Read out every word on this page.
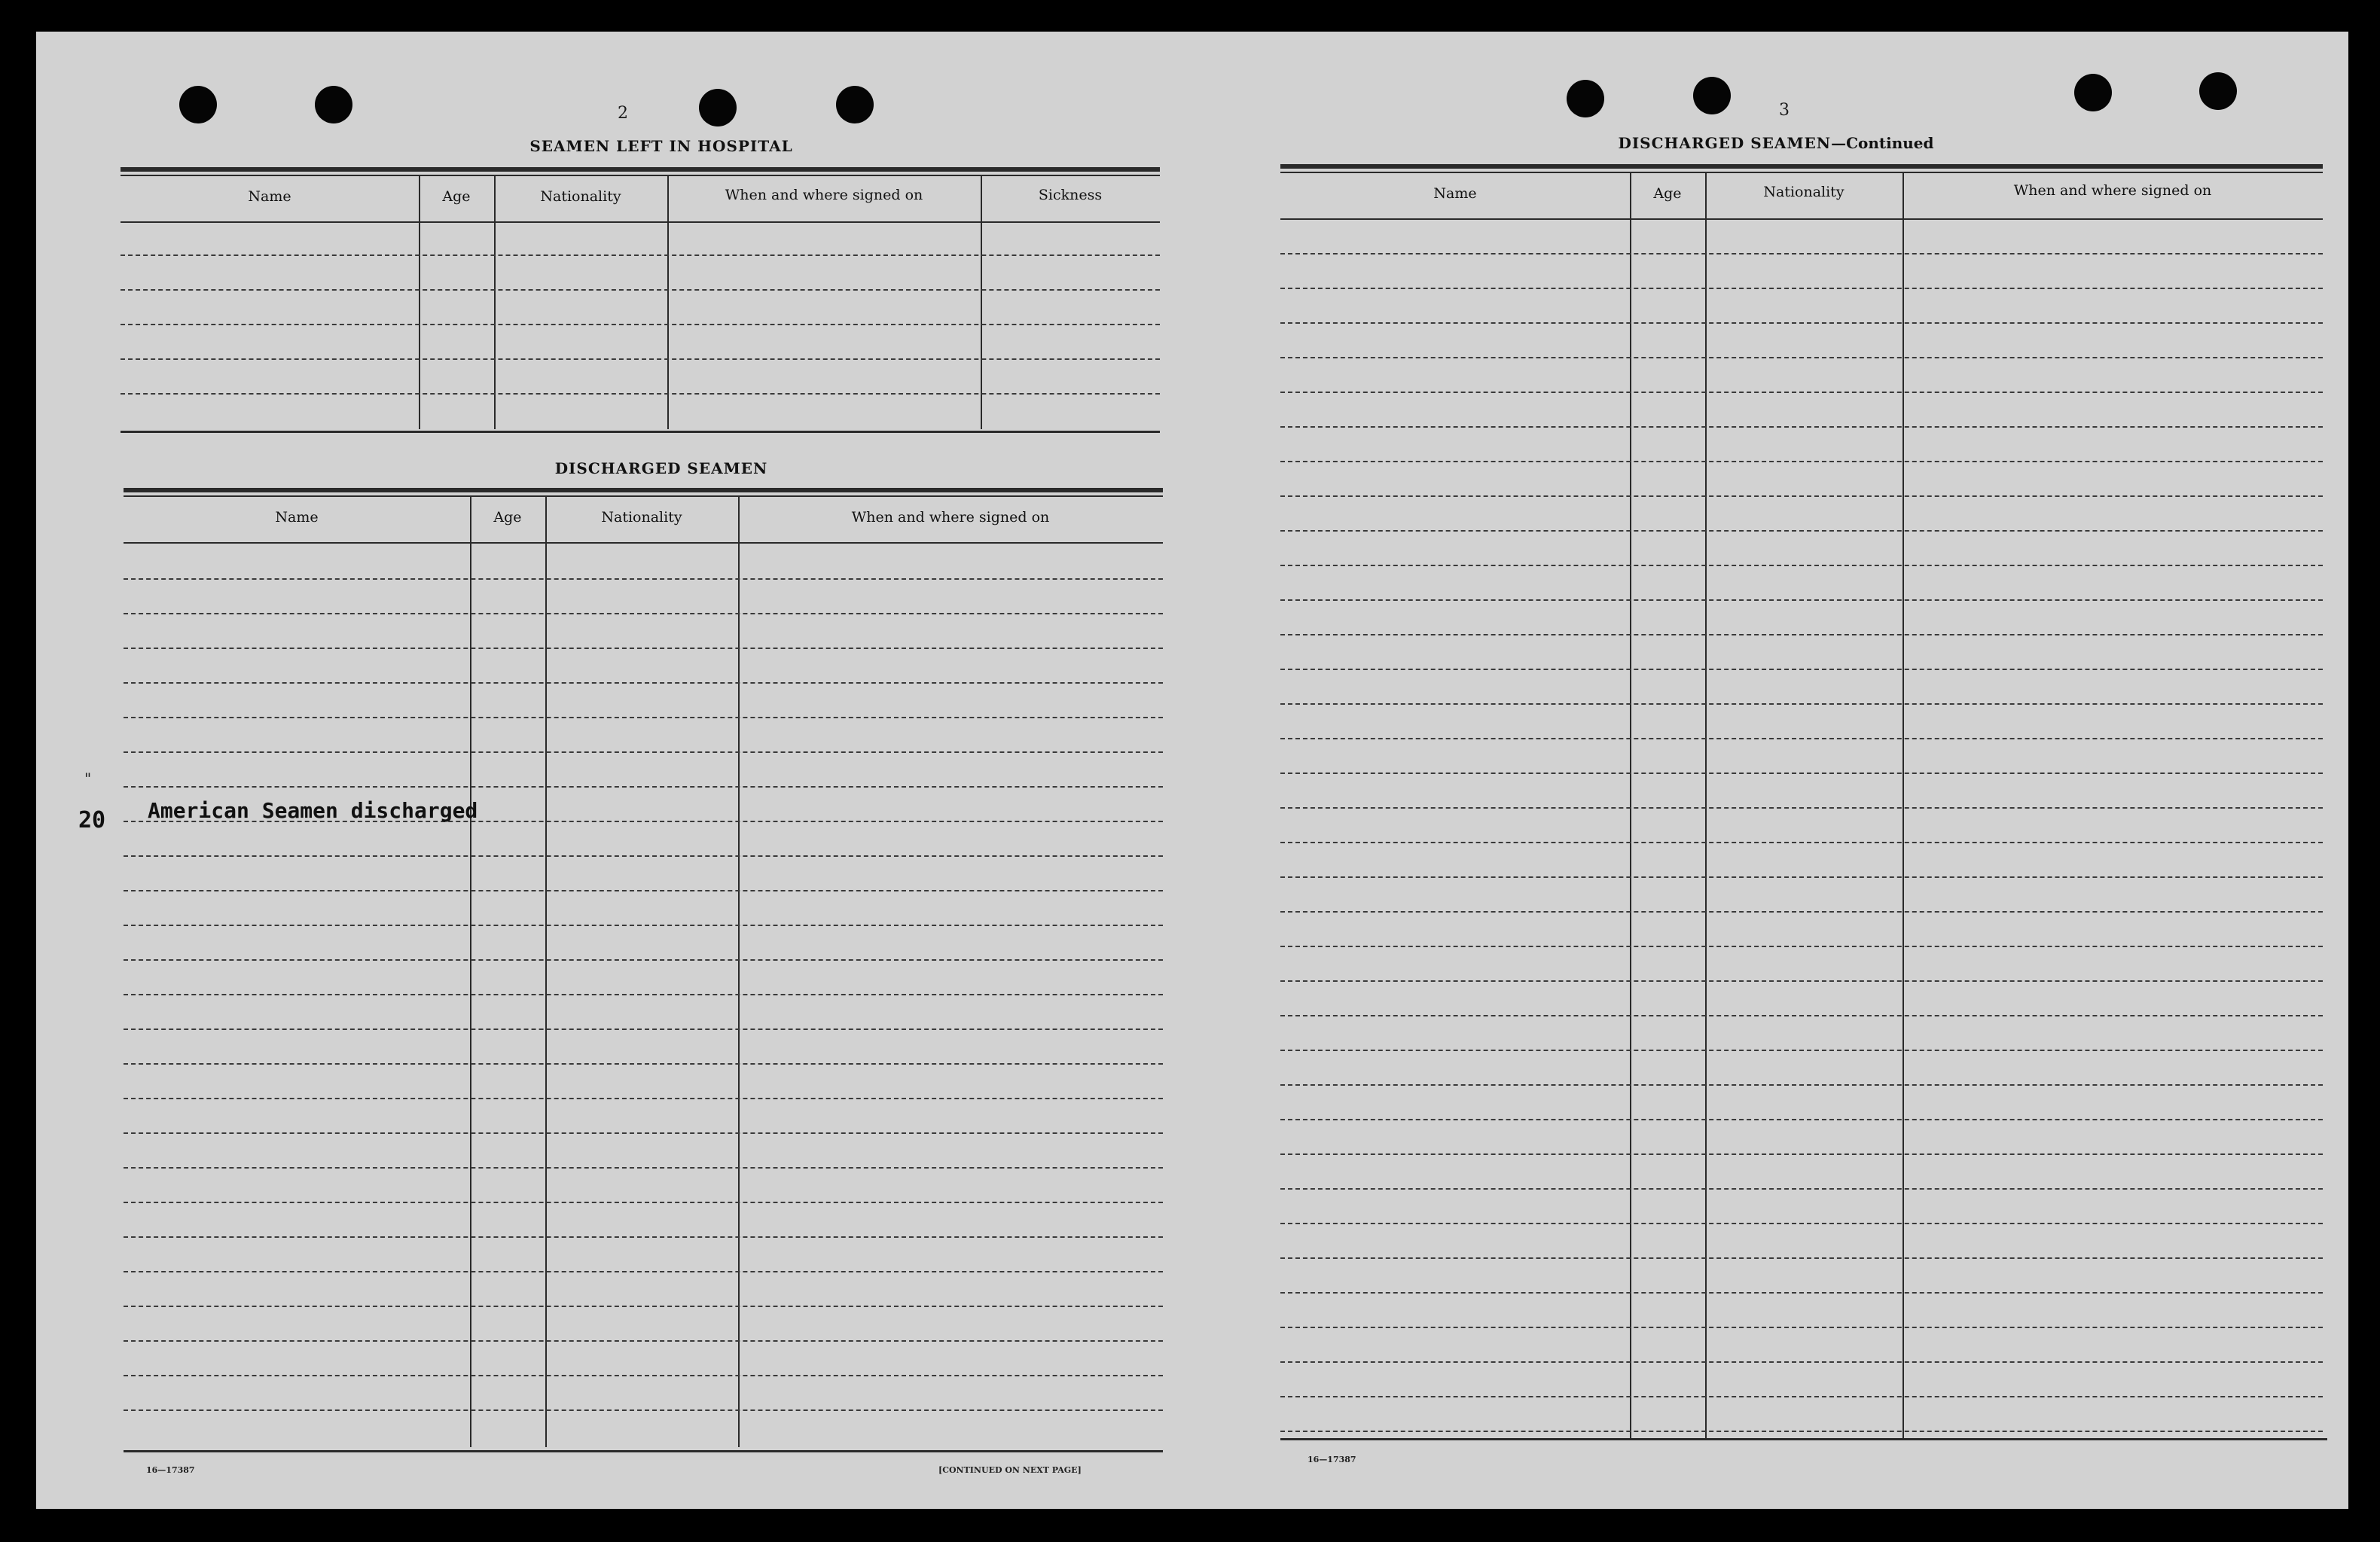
2
SEAMEN LEFT IN HOSPITAL
Name	Age	Nationality	When and where signed on	Sickness
DISCHARGED SEAMEN
Name	Age	Nationality	When and where signed on
"
20 American Seamen discharged
16—17387	[CONTINUED ON NEXT PAGE]
3
DISCHARGED SEAMEN—Continued
Name	Age	Nationality	When and where signed on
16—17387
